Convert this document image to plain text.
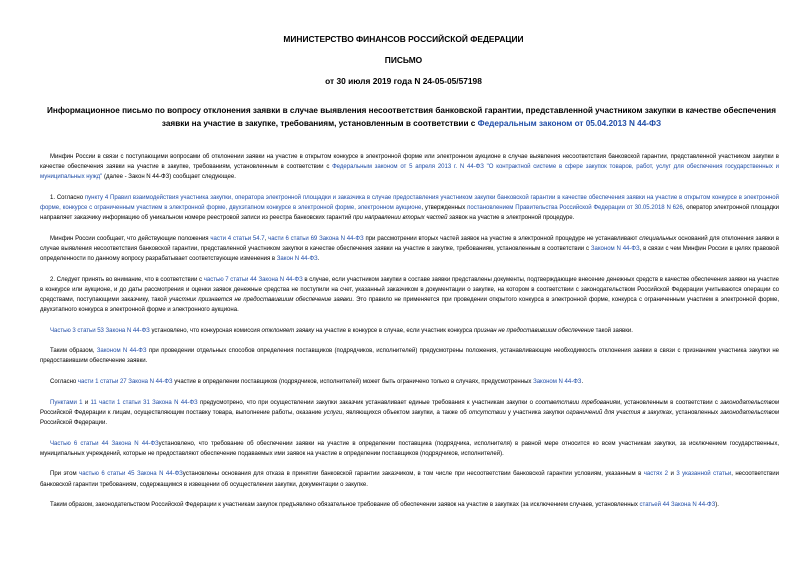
МИНИСТЕРСТВО ФИНАНСОВ РОССИЙСКОЙ ФЕДЕРАЦИИ
ПИСЬМО
от 30 июля 2019 года N 24-05-05/57198
Информационное письмо по вопросу отклонения заявки в случае выявления несоответствия банковской гарантии, представленной участником закупки в качестве обеспечения заявки на участие в закупке, требованиям, установленным в соответствии с Федеральным законом от 05.04.2013 N 44-ФЗ

Минфин России в связи с поступающими вопросами об отклонении заявки на участие в открытом конкурсе в электронной форме или электронном аукционе в случае выявления несоответствия банковской гарантии, представленной участником закупки в качестве обеспечения заявки на участие в закупке, требованиям, установленным в соответствии с Федеральным законом от 5 апреля 2013 г. N 44-ФЗ "О контрактной системе в сфере закупок товаров, работ, услуг для обеспечения государственных и муниципальных нужд" (далее - Закон N 44-ФЗ) сообщает следующее.

1. Согласно пункту 4 Правил взаимодействия участника закупки, оператора электронной площадки и заказчика в случае предоставления участником закупки банковской гарантии в качестве обеспечения заявки на участие в открытом конкурсе в электронной форме, конкурсе с ограниченным участием в электронной форме, двухэтапном конкурсе в электронной форме, электронном аукционе, утвержденных постановлением Правительства Российской Федерации от 30.05.2018 N 626, оператор электронной площадки направляет заказчику информацию об уникальном номере реестровой записи из реестра банковских гарантий при направлении вторых частей заявок на участие в электронной процедуре.

Минфин России сообщает, что действующие положения части 4 статьи 54.7, части 6 статьи 69 Закона N 44-ФЗ при рассмотрении вторых частей заявок на участие в электронной процедуре не устанавливают специальных оснований для отклонения заявки в случае выявления несоответствия банковской гарантии, представленной участником закупки в качестве обеспечения заявки на участие в закупке, требованиям, установленным в соответствии с Законом N 44-ФЗ, в связи с чем Минфин России в целях правовой определенности по данному вопросу разрабатывает соответствующие изменения в Закон N 44-ФЗ.

2. Следует принять во внимание, что в соответствии с частью 7 статьи 44 Закона N 44-ФЗ в случае, если участником закупки в составе заявки представлены документы, подтверждающие внесение денежных средств в качестве обеспечения заявки на участие в конкурсе или аукционе, и до даты рассмотрения и оценки заявок денежные средства не поступили на счет, указанный заказчиком в документации о закупке, на котором в соответствии с законодательством Российской Федерации учитываются операции со средствами, поступающими заказчику, такой участник признается не предоставившим обеспечение заявки. Это правило не применяется при проведении открытого конкурса в электронной форме, конкурса с ограниченным участием в электронной форме, двухэтапного конкурса в электронной форме и электронного аукциона.

Частью 3 статьи 53 Закона N 44-ФЗ установлено, что конкурсная комиссия отклоняет заявку на участие в конкурсе в случае, если участник конкурса признан не предоставившим обеспечение такой заявки.

Таким образом, Законом N 44-ФЗ при проведении отдельных способов определения поставщиков (подрядчиков, исполнителей) предусмотрены положения, устанавливающие необходимость отклонения заявки в связи с признанием участника закупки не предоставившим обеспечение заявки.

Согласно части 1 статьи 27 Закона N 44-ФЗ участие в определении поставщиков (подрядчиков, исполнителей) может быть ограничено только в случаях, предусмотренных Законом N 44-ФЗ.

Пунктами 1 и 11 части 1 статьи 31 Закона N 44-ФЗ предусмотрено, что при осуществлении закупки заказчик устанавливает единые требования к участникам закупки о соответствии требованиям, установленным в соответствии с законодательством Российской Федерации к лицам, осуществляющим поставку товара, выполнение работы, оказание услуги, являющихся объектом закупки, а также об отсутствии у участника закупки ограничений для участия в закупках, установленных законодательством Российской Федерации.

Частью 6 статьи 44 Закона N 44-ФЗустановлено, что требование об обеспечении заявки на участие в определении поставщика (подрядчика, исполнителя) в равной мере относится ко всем участникам закупки, за исключением государственных, муниципальных учреждений, которые не предоставляют обеспечение подаваемых ими заявок на участие в определении поставщиков (подрядчиков, исполнителей).

При этом частью 6 статьи 45 Закона N 44-ФЗустановлены основания для отказа в принятии банковской гарантии заказчиком, в том числе при несоответствии банковской гарантии условиям, указанным в частях 2 и 3 указанной статьи, несоответствии банковской гарантии требованиям, содержащимся в извещении об осуществлении закупки, документации о закупке.

Таким образом, законодательством Российской Федерации к участникам закупок предъявлено обязательное требование об обеспечении заявок на участие в закупках (за исключением случаев, установленных статьей 44 Закона N 44-ФЗ).
